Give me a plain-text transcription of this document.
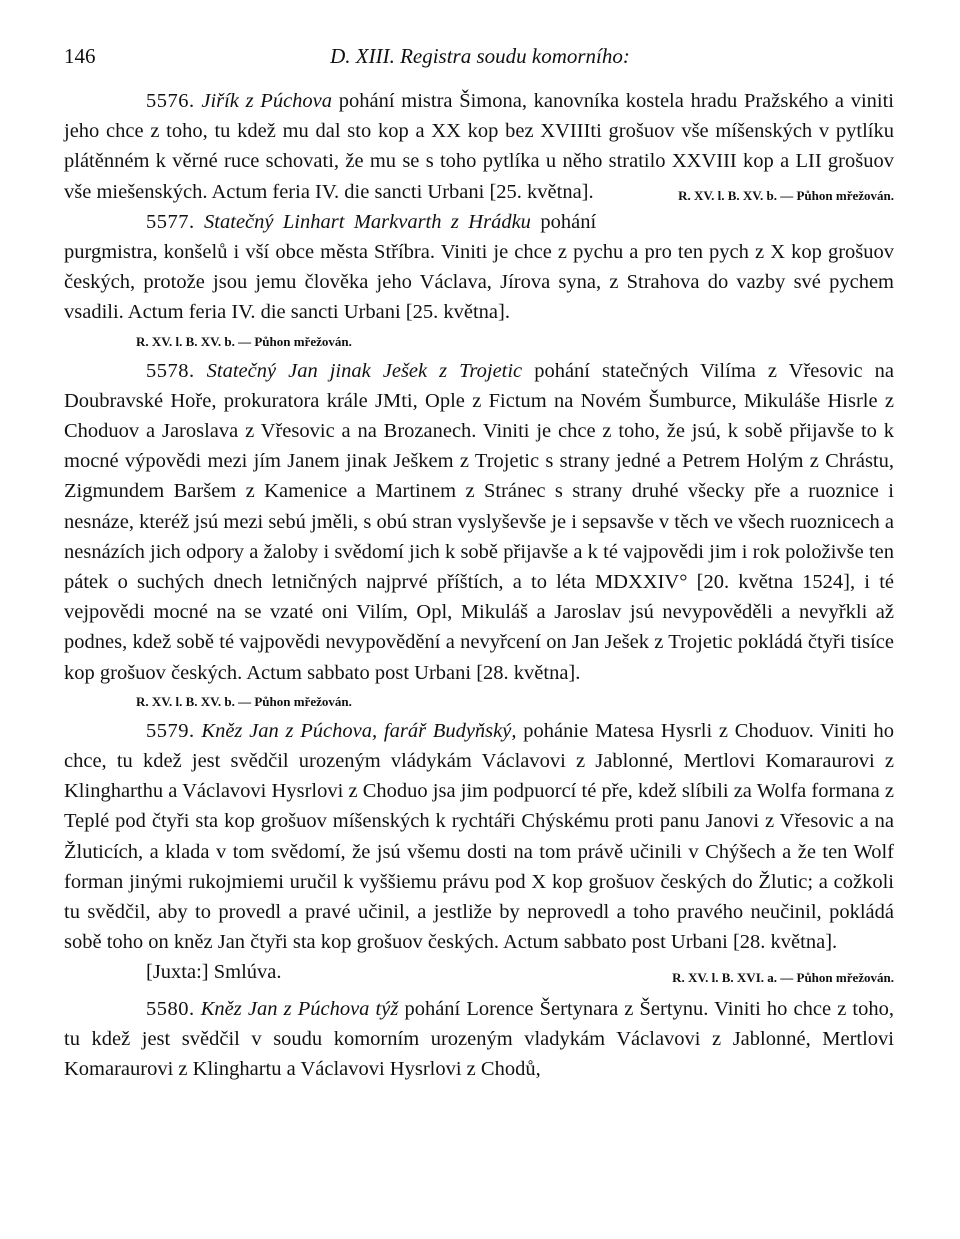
146	D. XIII. Registra soudu komorního:

5576. Jiřík z Púchova pohání mistra Šimona, kanovníka kostela hradu Pražského a viniti jeho chce z toho, tu kdež mu dal sto kop a XX kop bez XVIIIti grošuov vše míšenských v pytlíku plátěnném k věrné ruce schovati, že mu se s toho pytlíka u něho stratilo XXVIII kop a LII grošuov vše miešenských. Actum feria IV. die sancti Urbani [25. května].	R. XV. l. B. XV. b. — Půhon mřežován.

5577. Statečný Linhart Markvarth z Hrádku pohání purgmistra, konšelů i vší obce města Stříbra. Viniti je chce z pychu a pro ten pych z X kop grošuov českých, protože jsou jemu člověka jeho Václava, Jírova syna, z Strahova do vazby své pychem vsadili. Actum feria IV. die sancti Urbani [25. května].

R. XV. l. B. XV. b. — Půhon mřežován.

5578. Statečný Jan jinak Ješek z Trojetic pohání statečných Vilíma z Vřesovic na Doubravské Hoře, prokuratora krále JMti, Ople z Fictum na Novém Šumburce, Mikuláše Hisrle z Choduov a Jaroslava z Vřesovic a na Brozanech. Viniti je chce z toho, že jsú, k sobě přijavše to k mocné výpovědi mezi jím Janem jinak Ješkem z Trojetic s strany jedné a Petrem Holým z Chrástu, Zigmundem Baršem z Kamenice a Martinem z Stránec s strany druhé všecky pře a ruoznice i nesnáze, kteréž jsú mezi sebú jměli, s obú stran vyslyševše je i sepsavše v těch ve všech ruoznicech a nesnázích jich odpory a žaloby i svědomí jich k sobě přijavše a k té vajpovědi jim i rok položivše ten pátek o suchých dnech letničných najprvé příštích, a to léta MDXXIV° [20. května 1524], i té vejpovědi mocné na se vzaté oni Vilím, Opl, Mikuláš a Jaroslav jsú nevypověděli a nevyřkli až podnes, kdež sobě té vajpovědi nevypovědění a nevyřcení on Jan Ješek z Trojetic pokládá čtyři tisíce kop grošuov českých. Actum sabbato post Urbani [28. května].

R. XV. l. B. XV. b. — Půhon mřežován.

5579. Kněz Jan z Púchova, farář Budyňský, pohánie Matesa Hysrli z Choduov. Viniti ho chce, tu kdež jest svědčil urozeným vládykám Václavovi z Jablonné, Mertlovi Komaraurovi z Klingharthu a Václavovi Hysrlovi z Choduo jsa jim podpuorcí té pře, kdež slíbili za Wolfa formana z Teplé pod čtyři sta kop grošuov míšenských k rychtáři Chýskému proti panu Janovi z Vřesovic a na Žluticích, a klada v tom svědomí, že jsú všemu dosti na tom právě učinili v Chýšech a že ten Wolf forman jinými rukojmiemi uručil k vyššiemu právu pod X kop grošuov českých do Žlutic; a cožkoli tu svědčil, aby to provedl a pravé učinil, a jestliže by neprovedl a toho pravého neučinil, pokládá sobě toho on kněz Jan čtyři sta kop grošuov českých. Actum sabbato post Urbani [28. května].

[Juxta:] Smlúva.	R. XV. l. B. XVI. a. — Půhon mřežován.

5580. Kněz Jan z Púchova týž pohání Lorence Šertynara z Šertynu. Viniti ho chce z toho, tu kdež jest svědčil v soudu komorním urozeným vladykám Václavovi z Jablonné, Mertlovi Komaraurovi z Klinghartu a Václavovi Hysrlovi z Chodů,
